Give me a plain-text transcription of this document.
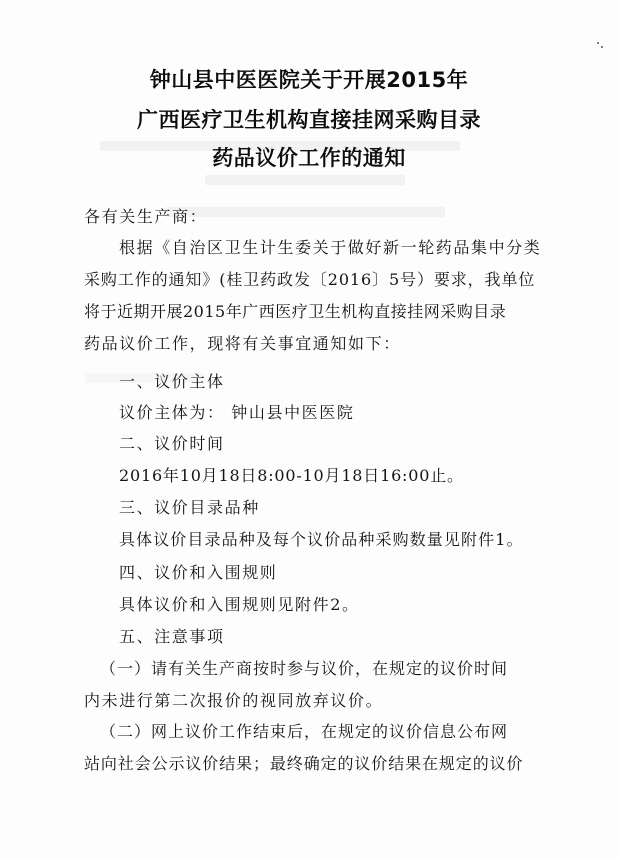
钟山县中医医院关于开展2015年
广西医疗卫生机构直接挂网采购目录
药品议价工作的通知
各有关生产商：
根据《自治区卫生计生委关于做好新一轮药品集中分类
采购工作的通知》(桂卫药政发〔2016〕5号）要求，我单位
将于近期开展2015年广西医疗卫生机构直接挂网采购目录
药品议价工作，现将有关事宜通知如下：
一、议价主体
议价主体为： 钟山县中医医院
二、议价时间
2016年10月18日8:00-10月18日16:00止。
三、议价目录品种
具体议价目录品种及每个议价品种采购数量见附件1。
四、议价和入围规则
具体议价和入围规则见附件2。
五、注意事项
（一）请有关生产商按时参与议价，在规定的议价时间
内未进行第二次报价的视同放弃议价。
（二）网上议价工作结束后，在规定的议价信息公布网
站向社会公示议价结果；最终确定的议价结果在规定的议价
